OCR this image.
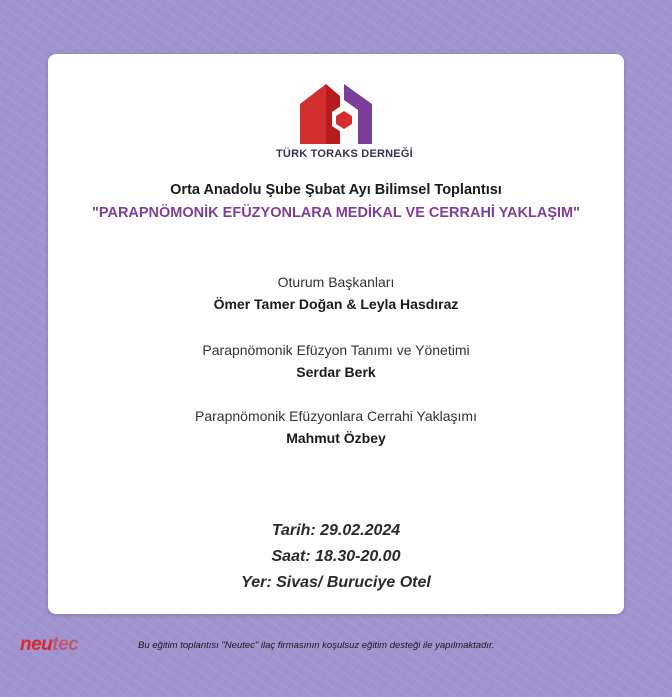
TÜRK TORAKS DERNEĞİ
Orta Anadolu Şube Şubat Ayı Bilimsel Toplantısı
"PARAPNÖMONİK EFÜZYONLARA MEDİKAL VE CERRAHİ YAKLAŞIM"
Oturum Başkanları
Ömer Tamer Doğan & Leyla Hasdıraz
Parapnömonik Efüzyon Tanımı ve Yönetimi
Serdar Berk
Parapnömonik Efüzyonlara Cerrahi Yaklaşımı
Mahmut Özbey
Tarih: 29.02.2024
Saat: 18.30-20.00
Yer: Sivas/ Buruciye Otel
neutec	Bu eğitim toplantısı "Neutec" ilaç firmasının koşulsuz eğitim desteği ile yapılmaktadır.
